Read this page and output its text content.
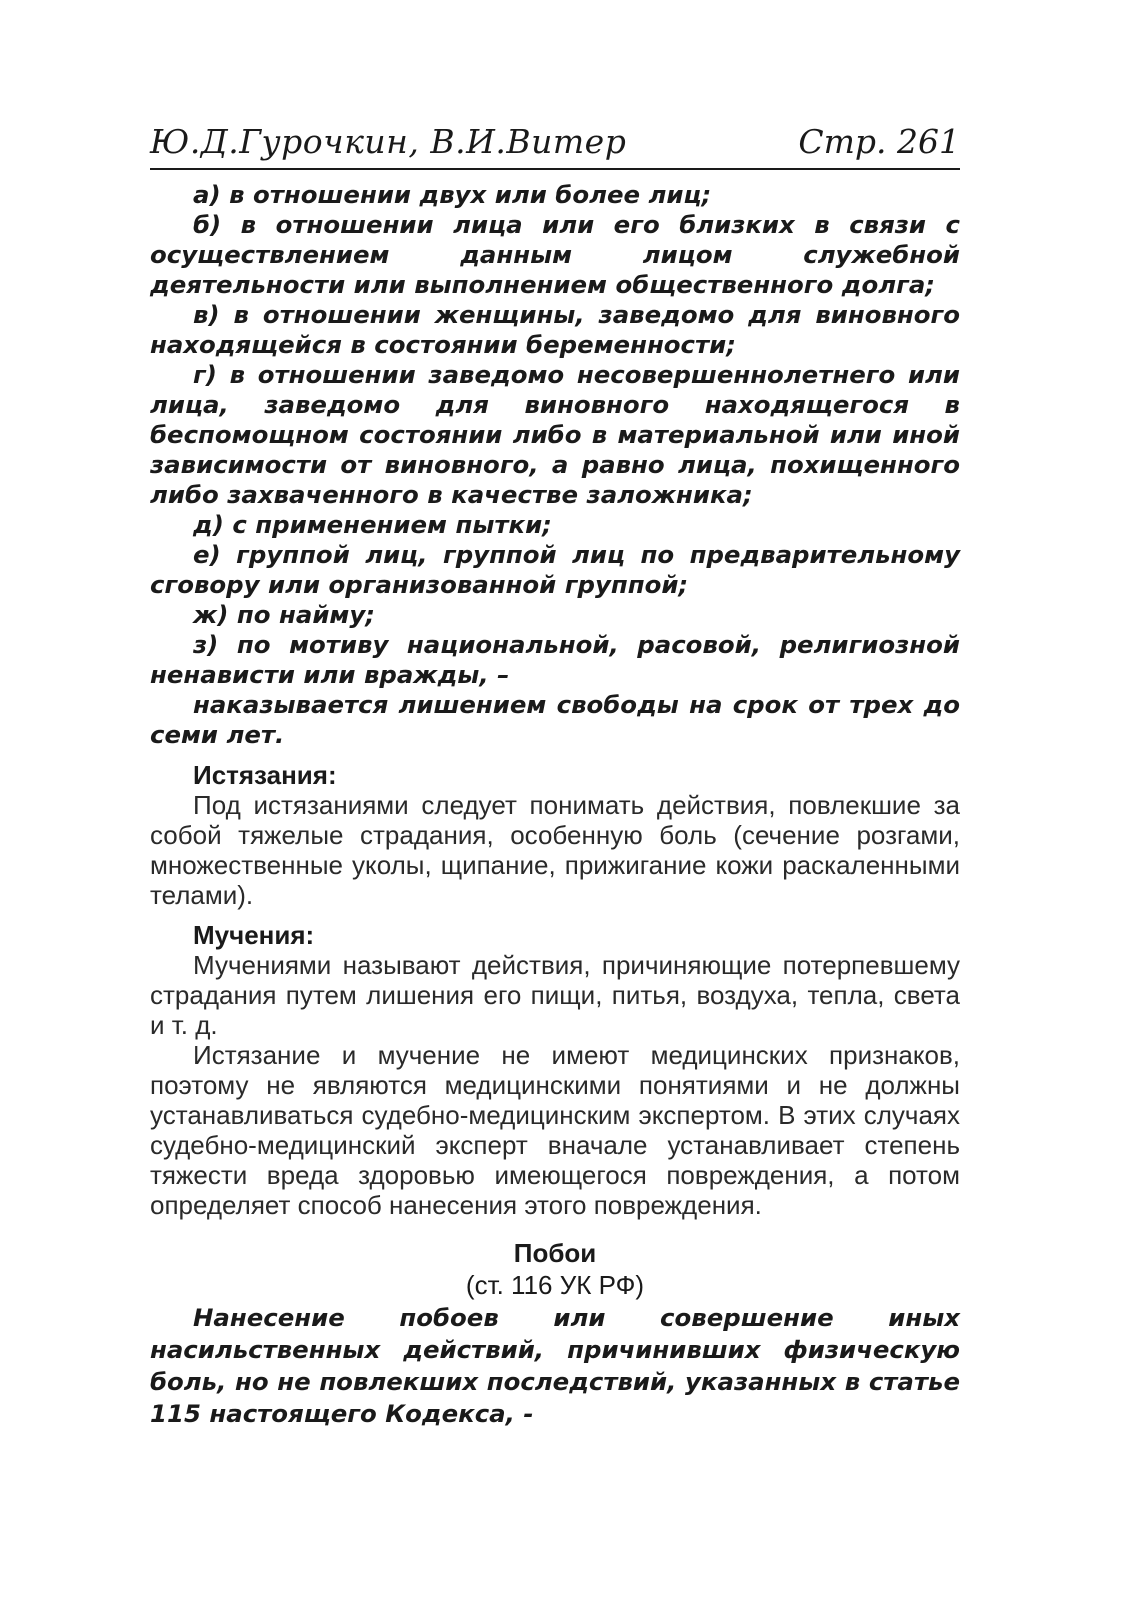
Ю.Д.Гурочкин, В.И.Витер	Стр. 261

а) в отношении двух или более лиц;

б) в отношении лица или его близких в связи с осуществлением данным лицом служебной деятельности или выполнением общественного долга;

в) в отношении женщины, заведомо для виновного находящейся в состоянии беременности;

г) в отношении заведомо несовершеннолетнего или лица, заведомо для виновного находящегося в беспомощном состоянии либо в материальной или иной зависимости от виновного, а равно лица, похищенного либо захваченного в качестве заложника;

д) с применением пытки;

е) группой лиц, группой лиц по предварительному сговору или организованной группой;

ж) по найму;

з) по мотиву национальной, расовой, религиозной ненависти или вражды, –

наказывается лишением свободы на срок от трех до семи лет.

Истязания:

Под истязаниями следует понимать действия, повлекшие за собой тяжелые страдания, особенную боль (сечение розгами, множественные уколы, щипание, прижигание кожи раскаленными телами).

Мучения:

Мучениями называют действия, причиняющие потерпевшему страдания путем лишения его пищи, питья, воздуха, тепла, света и т. д.

Истязание и мучение не имеют медицинских признаков, поэтому не являются медицинскими понятиями и не должны устанавливаться судебно-медицинским экспертом. В этих случаях судебно-медицинский эксперт вначале устанавливает степень тяжести вреда здоровью имеющегося повреждения, а потом определяет способ нанесения этого повреждения.

Побои

(ст. 116 УК РФ)

Нанесение побоев или совершение иных насильственных действий, причинивших физическую боль, но не повлекших последствий, указанных в статье 115 настоящего Кодекса, -
